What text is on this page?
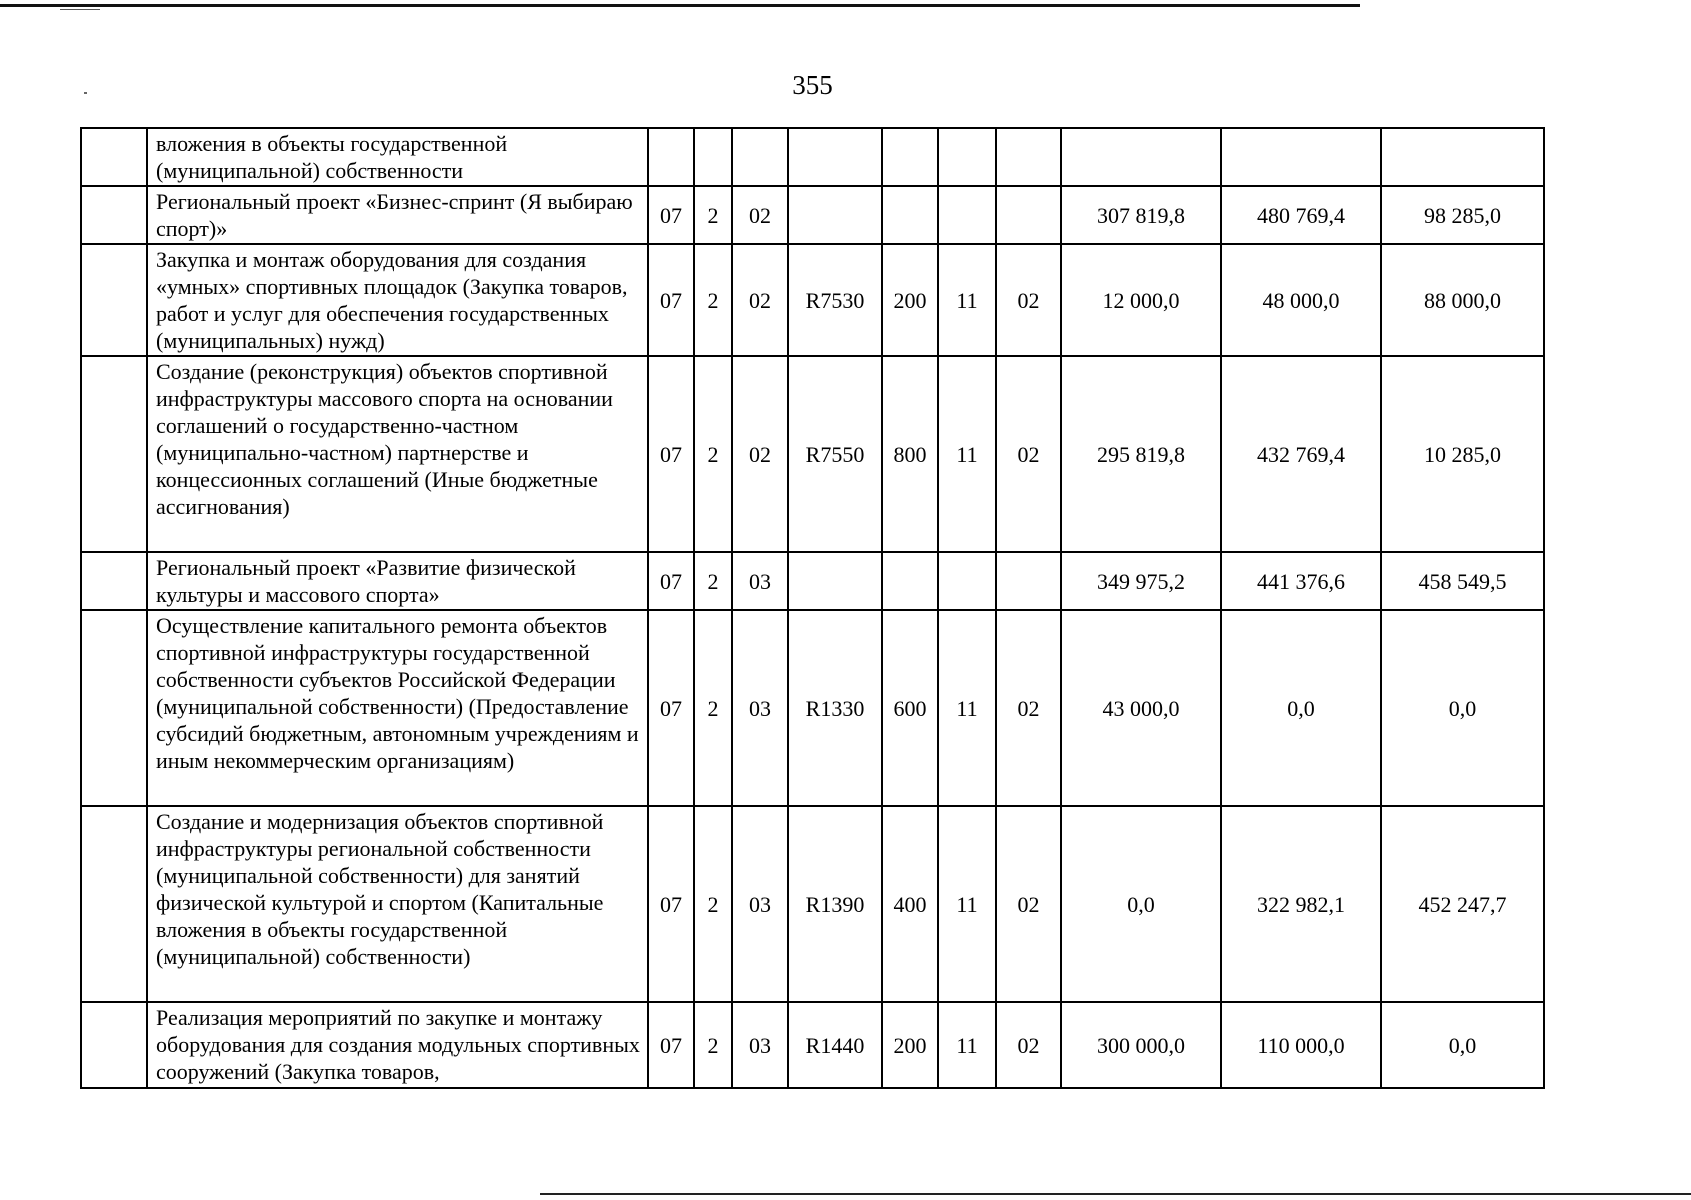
355
	вложения в объекты государственной (муниципальной) собственности										
	Региональный проект «Бизнес-спринт (Я выбираю спорт)»	07	2	02					307 819,8	480 769,4	98 285,0
	Закупка и монтаж оборудования для создания «умных» спортивных площадок (Закупка товаров, работ и услуг для обеспечения государственных (муниципальных) нужд)	07	2	02	R7530	200	11	02	12 000,0	48 000,0	88 000,0
	Создание (реконструкция) объектов спортивной инфраструктуры массового спорта на основании соглашений о государственно-частном (муниципально-частном) партнерстве и концессионных соглашений (Иные бюджетные ассигнования)	07	2	02	R7550	800	11	02	295 819,8	432 769,4	10 285,0
	Региональный проект «Развитие физической культуры и массового спорта»	07	2	03					349 975,2	441 376,6	458 549,5
	Осуществление капитального ремонта объектов спортивной инфраструктуры государственной собственности субъектов Российской Федерации (муниципальной собственности) (Предоставление субсидий бюджетным, автономным учреждениям и иным некоммерческим организациям)	07	2	03	R1330	600	11	02	43 000,0	0,0	0,0
	Создание и модернизация объектов спортивной инфраструктуры региональной собственности (муниципальной собственности) для занятий физической культурой и спортом (Капитальные вложения в объекты государственной (муниципальной) собственности)	07	2	03	R1390	400	11	02	0,0	322 982,1	452 247,7
	Реализация мероприятий по закупке и монтажу оборудования для создания модульных спортивных сооружений (Закупка товаров,	07	2	03	R1440	200	11	02	300 000,0	110 000,0	0,0
